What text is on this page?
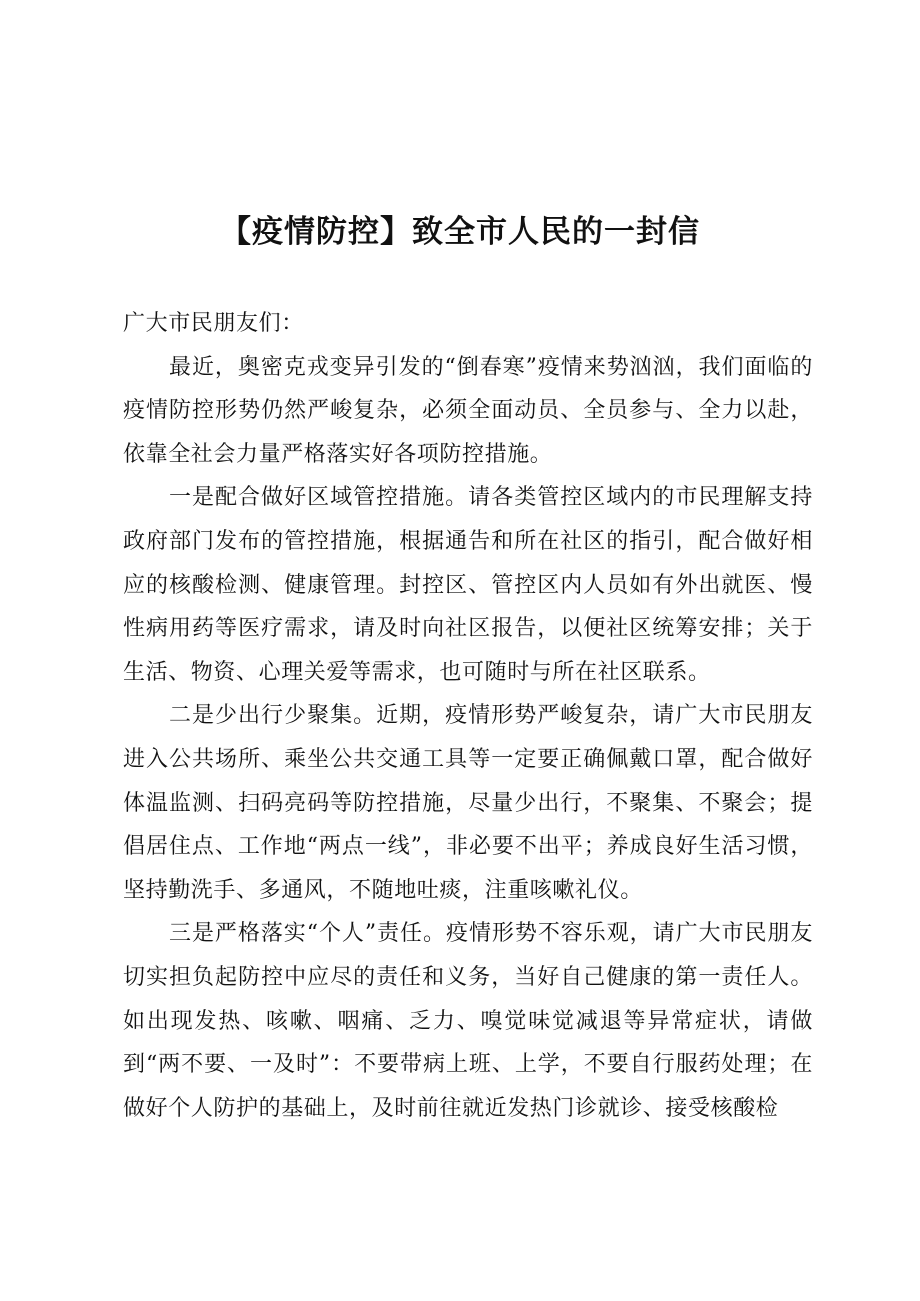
【疫情防控】致全市人民的一封信

广大市民朋友们：

最近，奥密克戎变异引发的“倒春寒”疫情来势汹汹，我们面临的疫情防控形势仍然严峻复杂，必须全面动员、全员参与、全力以赴，依靠全社会力量严格落实好各项防控措施。

一是配合做好区域管控措施。请各类管控区域内的市民理解支持政府部门发布的管控措施，根据通告和所在社区的指引，配合做好相应的核酸检测、健康管理。封控区、管控区内人员如有外出就医、慢性病用药等医疗需求，请及时向社区报告，以便社区统筹安排；关于生活、物资、心理关爱等需求，也可随时与所在社区联系。

二是少出行少聚集。近期，疫情形势严峻复杂，请广大市民朋友进入公共场所、乘坐公共交通工具等一定要正确佩戴口罩，配合做好体温监测、扫码亮码等防控措施，尽量少出行，不聚集、不聚会；提倡居住点、工作地“两点一线”，非必要不出平；养成良好生活习惯，坚持勤洗手、多通风，不随地吐痰，注重咳嗽礼仪。

三是严格落实“个人”责任。疫情形势不容乐观，请广大市民朋友切实担负起防控中应尽的责任和义务，当好自己健康的第一责任人。如出现发热、咳嗽、咽痛、乏力、嗅觉味觉减退等异常症状，请做到“两不要、一及时”：不要带病上班、上学，不要自行服药处理；在做好个人防护的基础上，及时前往就近发热门诊就诊、接受核酸检
